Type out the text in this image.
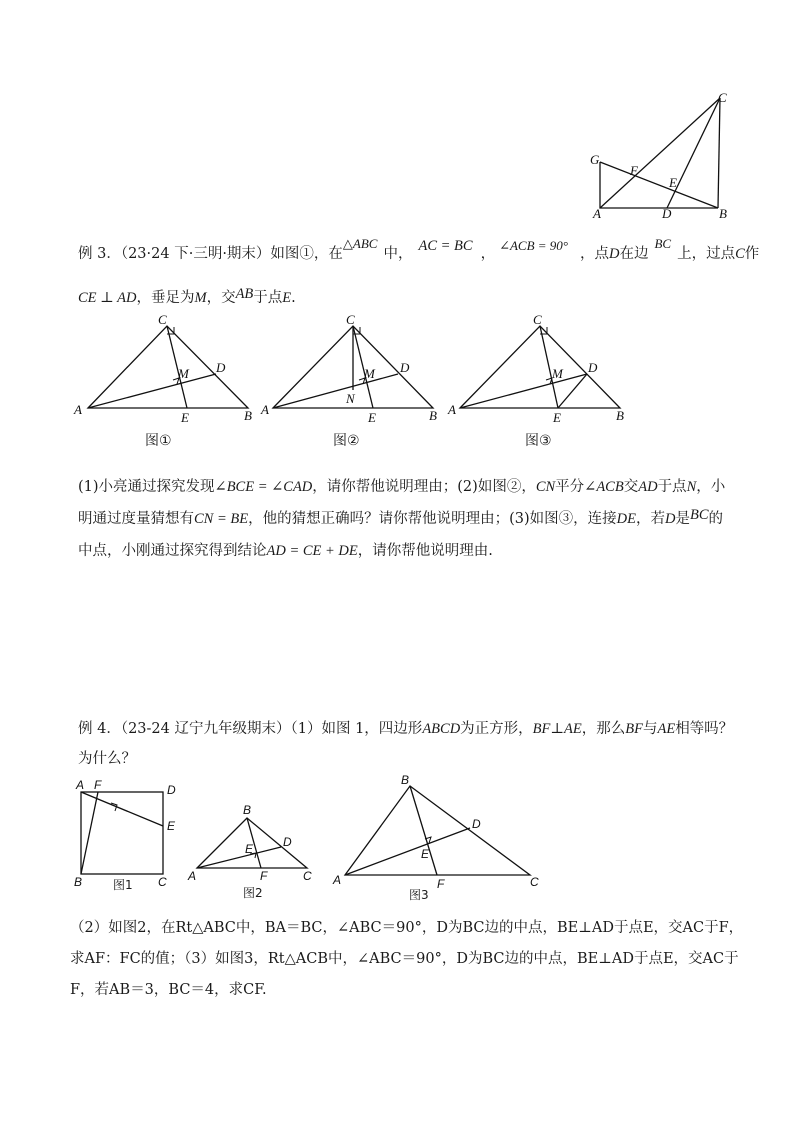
G
F
E
A	D	B
C
例 3．（23·24 下·三明·期末）如图①，在△ABC中， AC = BC ，∠ACB = 90°，点D在边BC上，过点C作
CE ⊥ AD，垂足为M，交AB于点E.
C
D
M
A
E	B
图①
C
D
M
N
A
E	B
图②
C
D
M
A
E	B
图③
(1)小亮通过探究发现∠BCE = ∠CAD，请你帮他说明理由；(2)如图②，CN平分∠ACB交AD于点N，小
明通过度量猜想有CN = BE，他的猜想正确吗？请你帮他说明理由；(3)如图③，连接DE，若D是BC的
中点，小刚通过探究得到结论AD = CE + DE，请你帮他说明理由.
例 4．（23-24 辽宁九年级期末）（1）如图 1，四边形ABCD为正方形，BF⊥AE，那么BF与AE相等吗？
为什么？
A F	D
E
B	C
图1
B
D
E
A	F	C
图2
B
D
E
A	F	C
图3
（2）如图2，在Rt△ABC中，BA＝BC，∠ABC＝90°，D为BC边的中点，BE⊥AD于点E，交AC于F，
求AF：FC的值；（3）如图3，Rt△ACB中，∠ABC＝90°，D为BC边的中点，BE⊥AD于点E，交AC于
F，若AB＝3，BC＝4，求CF.
